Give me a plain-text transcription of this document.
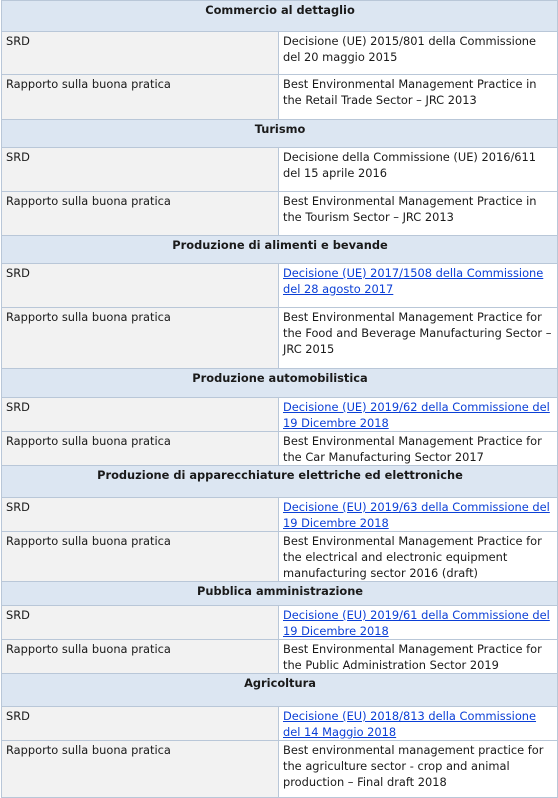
Commercio al dettaglio	
SRD	Decisione (UE) 2015/801 della Commissione del 20 maggio 2015
Rapporto sulla buona pratica	Best Environmental Management Practice in the Retail Trade Sector – JRC 2013
Turismo	
SRD	Decisione della Commissione (UE) 2016/611 del 15 aprile 2016
Rapporto sulla buona pratica	Best Environmental Management Practice in the Tourism Sector – JRC 2013
Produzione di alimenti e bevande	
SRD	Decisione (UE) 2017/1508 della Commissione del 28 agosto 2017
Rapporto sulla buona pratica	Best Environmental Management Practice for the Food and Beverage Manufacturing Sector – JRC 2015
Produzione automobilistica	
SRD	Decisione (UE) 2019/62 della Commissione del 19 Dicembre 2018
Rapporto sulla buona pratica	Best Environmental Management Practice for the Car Manufacturing Sector 2017
Produzione di apparecchiature elettriche ed elettroniche	
SRD	Decisione (EU) 2019/63 della Commissione del 19 Dicembre 2018
Rapporto sulla buona pratica	Best Environmental Management Practice for the electrical and electronic equipment manufacturing sector 2016 (draft)
Pubblica amministrazione	
SRD	Decisione (EU) 2019/61 della Commissione del 19 Dicembre 2018
Rapporto sulla buona pratica	Best Environmental Management Practice for the Public Administration Sector 2019
Agricoltura	
SRD	Decisione (EU) 2018/813 della Commissione del 14 Maggio 2018
Rapporto sulla buona pratica	Best environmental management practice for the agriculture sector - crop and animal production – Final draft 2018
